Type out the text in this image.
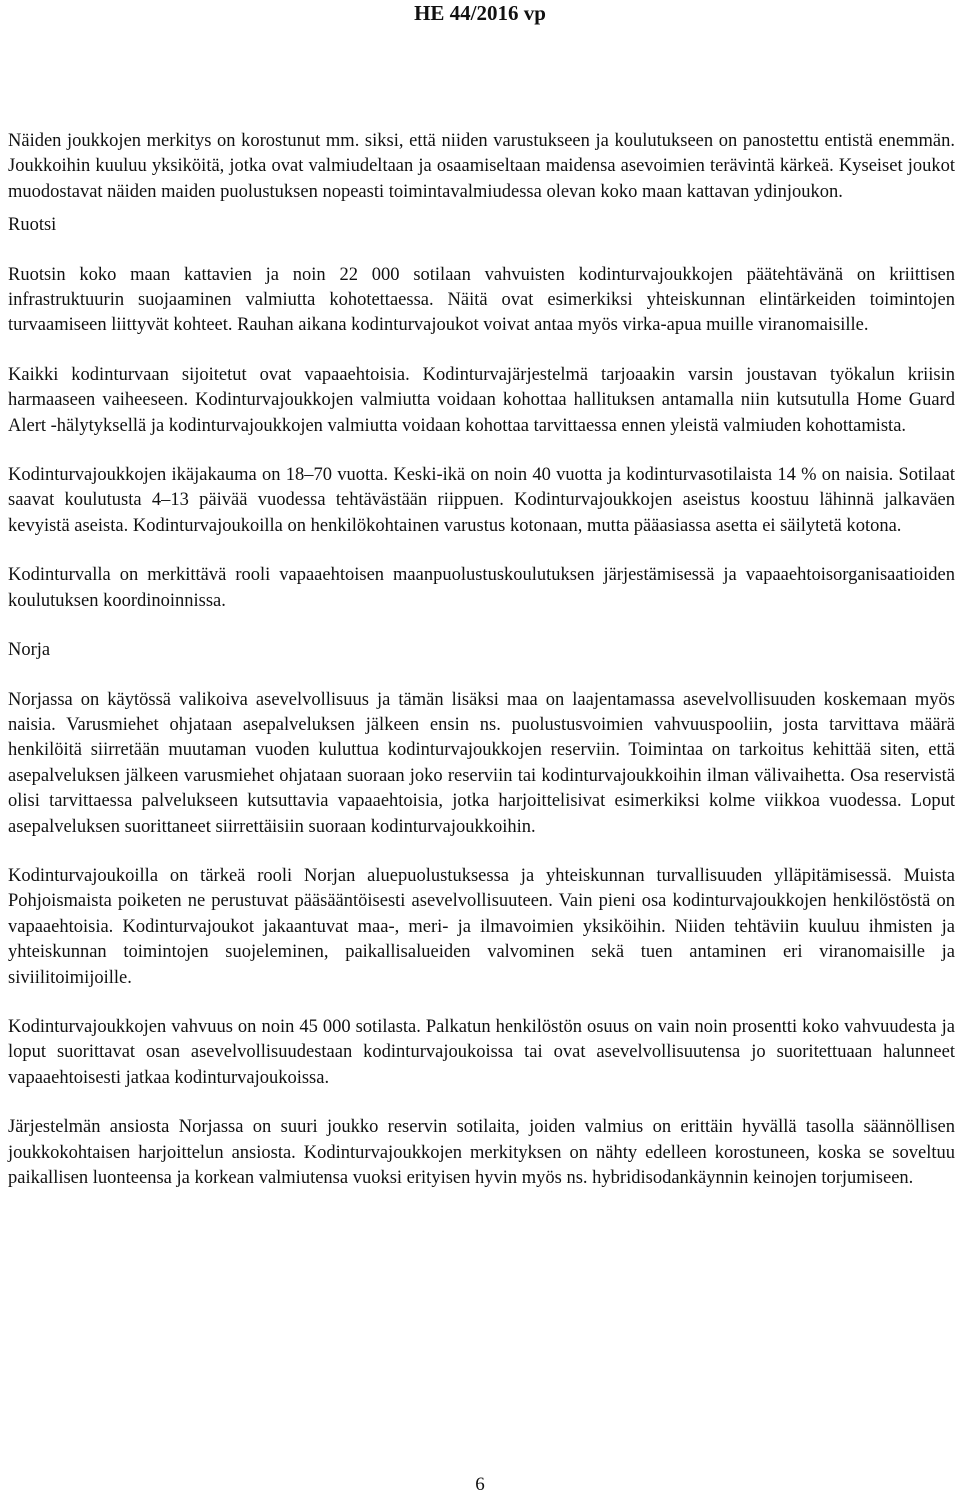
HE 44/2016 vp

Näiden joukkojen merkitys on korostunut mm. siksi, että niiden varustukseen ja koulutukseen on panostettu entistä enemmän. Joukkoihin kuuluu yksiköitä, jotka ovat valmiudeltaan ja osaamiseltaan maidensa asevoimien terävintä kärkeä. Kyseiset joukot muodostavat näiden maiden puolustuksen nopeasti toimintavalmiudessa olevan koko maan kattavan ydinjoukon.

Ruotsi

Ruotsin koko maan kattavien ja noin 22 000 sotilaan vahvuisten kodinturvajoukkojen päätehtävänä on kriittisen infrastruktuurin suojaaminen valmiutta kohotettaessa. Näitä ovat esimerkiksi yhteiskunnan elintärkeiden toimintojen turvaamiseen liittyvät kohteet. Rauhan aikana kodinturvajoukot voivat antaa myös virka-apua muille viranomaisille.

Kaikki kodinturvaan sijoitetut ovat vapaaehtoisia. Kodinturvajärjestelmä tarjoaakin varsin joustavan työkalun kriisin harmaaseen vaiheeseen. Kodinturvajoukkojen valmiutta voidaan kohottaa hallituksen antamalla niin kutsutulla Home Guard Alert -hälytyksellä ja kodinturvajoukkojen valmiutta voidaan kohottaa tarvittaessa ennen yleistä valmiuden kohottamista.

Kodinturvajoukkojen ikäjakauma on 18–70 vuotta. Keski-ikä on noin 40 vuotta ja kodinturvasotilaista 14 % on naisia. Sotilaat saavat koulutusta 4–13 päivää vuodessa tehtävästään riippuen. Kodinturvajoukkojen aseistus koostuu lähinnä jalkaväen kevyistä aseista. Kodinturvajoukoilla on henkilökohtainen varustus kotonaan, mutta pääasiassa asetta ei säilytetä kotona.

Kodinturvalla on merkittävä rooli vapaaehtoisen maanpuolustuskoulutuksen järjestämisessä ja vapaaehtoisorganisaatioiden koulutuksen koordinoinnissa.

Norja

Norjassa on käytössä valikoiva asevelvollisuus ja tämän lisäksi maa on laajentamassa asevelvollisuuden koskemaan myös naisia. Varusmiehet ohjataan asepalveluksen jälkeen ensin ns. puolustusvoimien vahvuuspooliin, josta tarvittava määrä henkilöitä siirretään muutaman vuoden kuluttua kodinturvajoukkojen reserviin. Toimintaa on tarkoitus kehittää siten, että asepalveluksen jälkeen varusmiehet ohjataan suoraan joko reserviin tai kodinturvajoukkoihin ilman välivaihetta. Osa reservistä olisi tarvittaessa palvelukseen kutsuttavia vapaaehtoisia, jotka harjoittelisivat esimerkiksi kolme viikkoa vuodessa. Loput asepalveluksen suorittaneet siirrettäisiin suoraan kodinturvajoukkoihin.

Kodinturvajoukoilla on tärkeä rooli Norjan aluepuolustuksessa ja yhteiskunnan turvallisuuden ylläpitämisessä. Muista Pohjoismaista poiketen ne perustuvat pääsääntöisesti asevelvollisuuteen. Vain pieni osa kodinturvajoukkojen henkilöstöstä on vapaaehtoisia. Kodinturvajoukot jakaantuvat maa-, meri- ja ilmavoimien yksiköihin. Niiden tehtäviin kuuluu ihmisten ja yhteiskunnan toimintojen suojeleminen, paikallisalueiden valvominen sekä tuen antaminen eri viranomaisille ja siviilitoimijoille.

Kodinturvajoukkojen vahvuus on noin 45 000 sotilasta. Palkatun henkilöstön osuus on vain noin prosentti koko vahvuudesta ja loput suorittavat osan asevelvollisuudestaan kodinturvajoukoissa tai ovat asevelvollisuutensa jo suoritettuaan halunneet vapaaehtoisesti jatkaa kodinturvajoukoissa.

Järjestelmän ansiosta Norjassa on suuri joukko reservin sotilaita, joiden valmius on erittäin hyvällä tasolla säännöllisen joukkokohtaisen harjoittelun ansiosta. Kodinturvajoukkojen merkityksen on nähty edelleen korostuneen, koska se soveltuu paikallisen luonteensa ja korkean valmiutensa vuoksi erityisen hyvin myös ns. hybridisodankäynnin keinojen torjumiseen.

6
